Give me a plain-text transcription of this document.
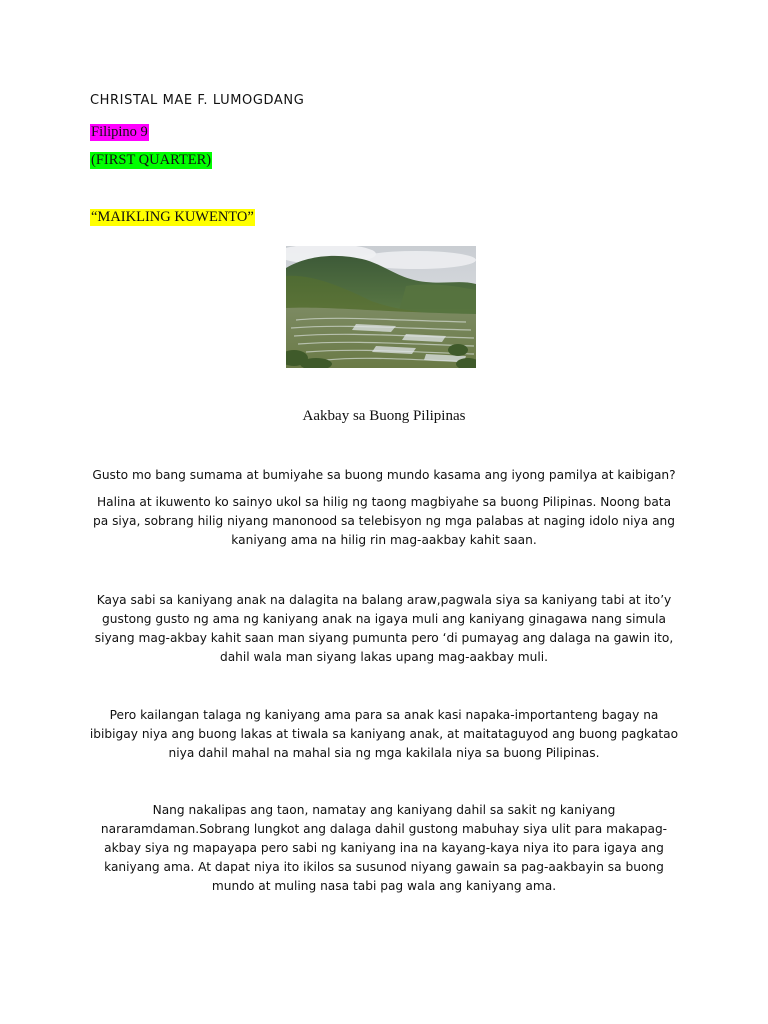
CHRISTAL MAE F. LUMOGDANG

Filipino 9

(FIRST QUARTER)

“MAIKLING KUWENTO”

Aakbay sa Buong Pilipinas

Gusto mo bang sumama at bumiyahe sa buong mundo kasama ang iyong pamilya at kaibigan?

Halina at ikuwento ko sainyo ukol sa hilig ng taong magbiyahe sa buong Pilipinas. Noong bata pa siya, sobrang hilig niyang manonood sa telebisyon ng mga palabas at naging idolo niya ang kaniyang ama na hilig rin mag-aakbay kahit saan.

Kaya sabi sa kaniyang anak na dalagita na balang araw,pagwala siya sa kaniyang tabi at ito’y gustong gusto ng ama ng kaniyang anak na igaya muli ang kaniyang ginagawa nang simula siyang mag-akbay kahit saan man siyang pumunta pero ‘di pumayag ang dalaga na gawin ito, dahil wala man siyang lakas upang mag-aakbay muli.

Pero kailangan talaga ng kaniyang ama para sa anak kasi napaka-importanteng bagay na ibibigay niya ang buong lakas at tiwala sa kaniyang anak, at maitataguyod ang buong pagkatao niya dahil mahal na mahal sia ng mga kakilala niya sa buong Pilipinas.

Nang nakalipas ang taon, namatay ang kaniyang dahil sa sakit ng kaniyang nararamdaman.Sobrang lungkot ang dalaga dahil gustong mabuhay siya ulit para makapag-akbay siya ng mapayapa pero sabi ng kaniyang ina na kayang-kaya niya ito para igaya ang kaniyang ama. At dapat niya ito ikilos sa susunod niyang gawain sa pag-aakbayin sa buong mundo at muling nasa tabi pag wala ang kaniyang ama.
